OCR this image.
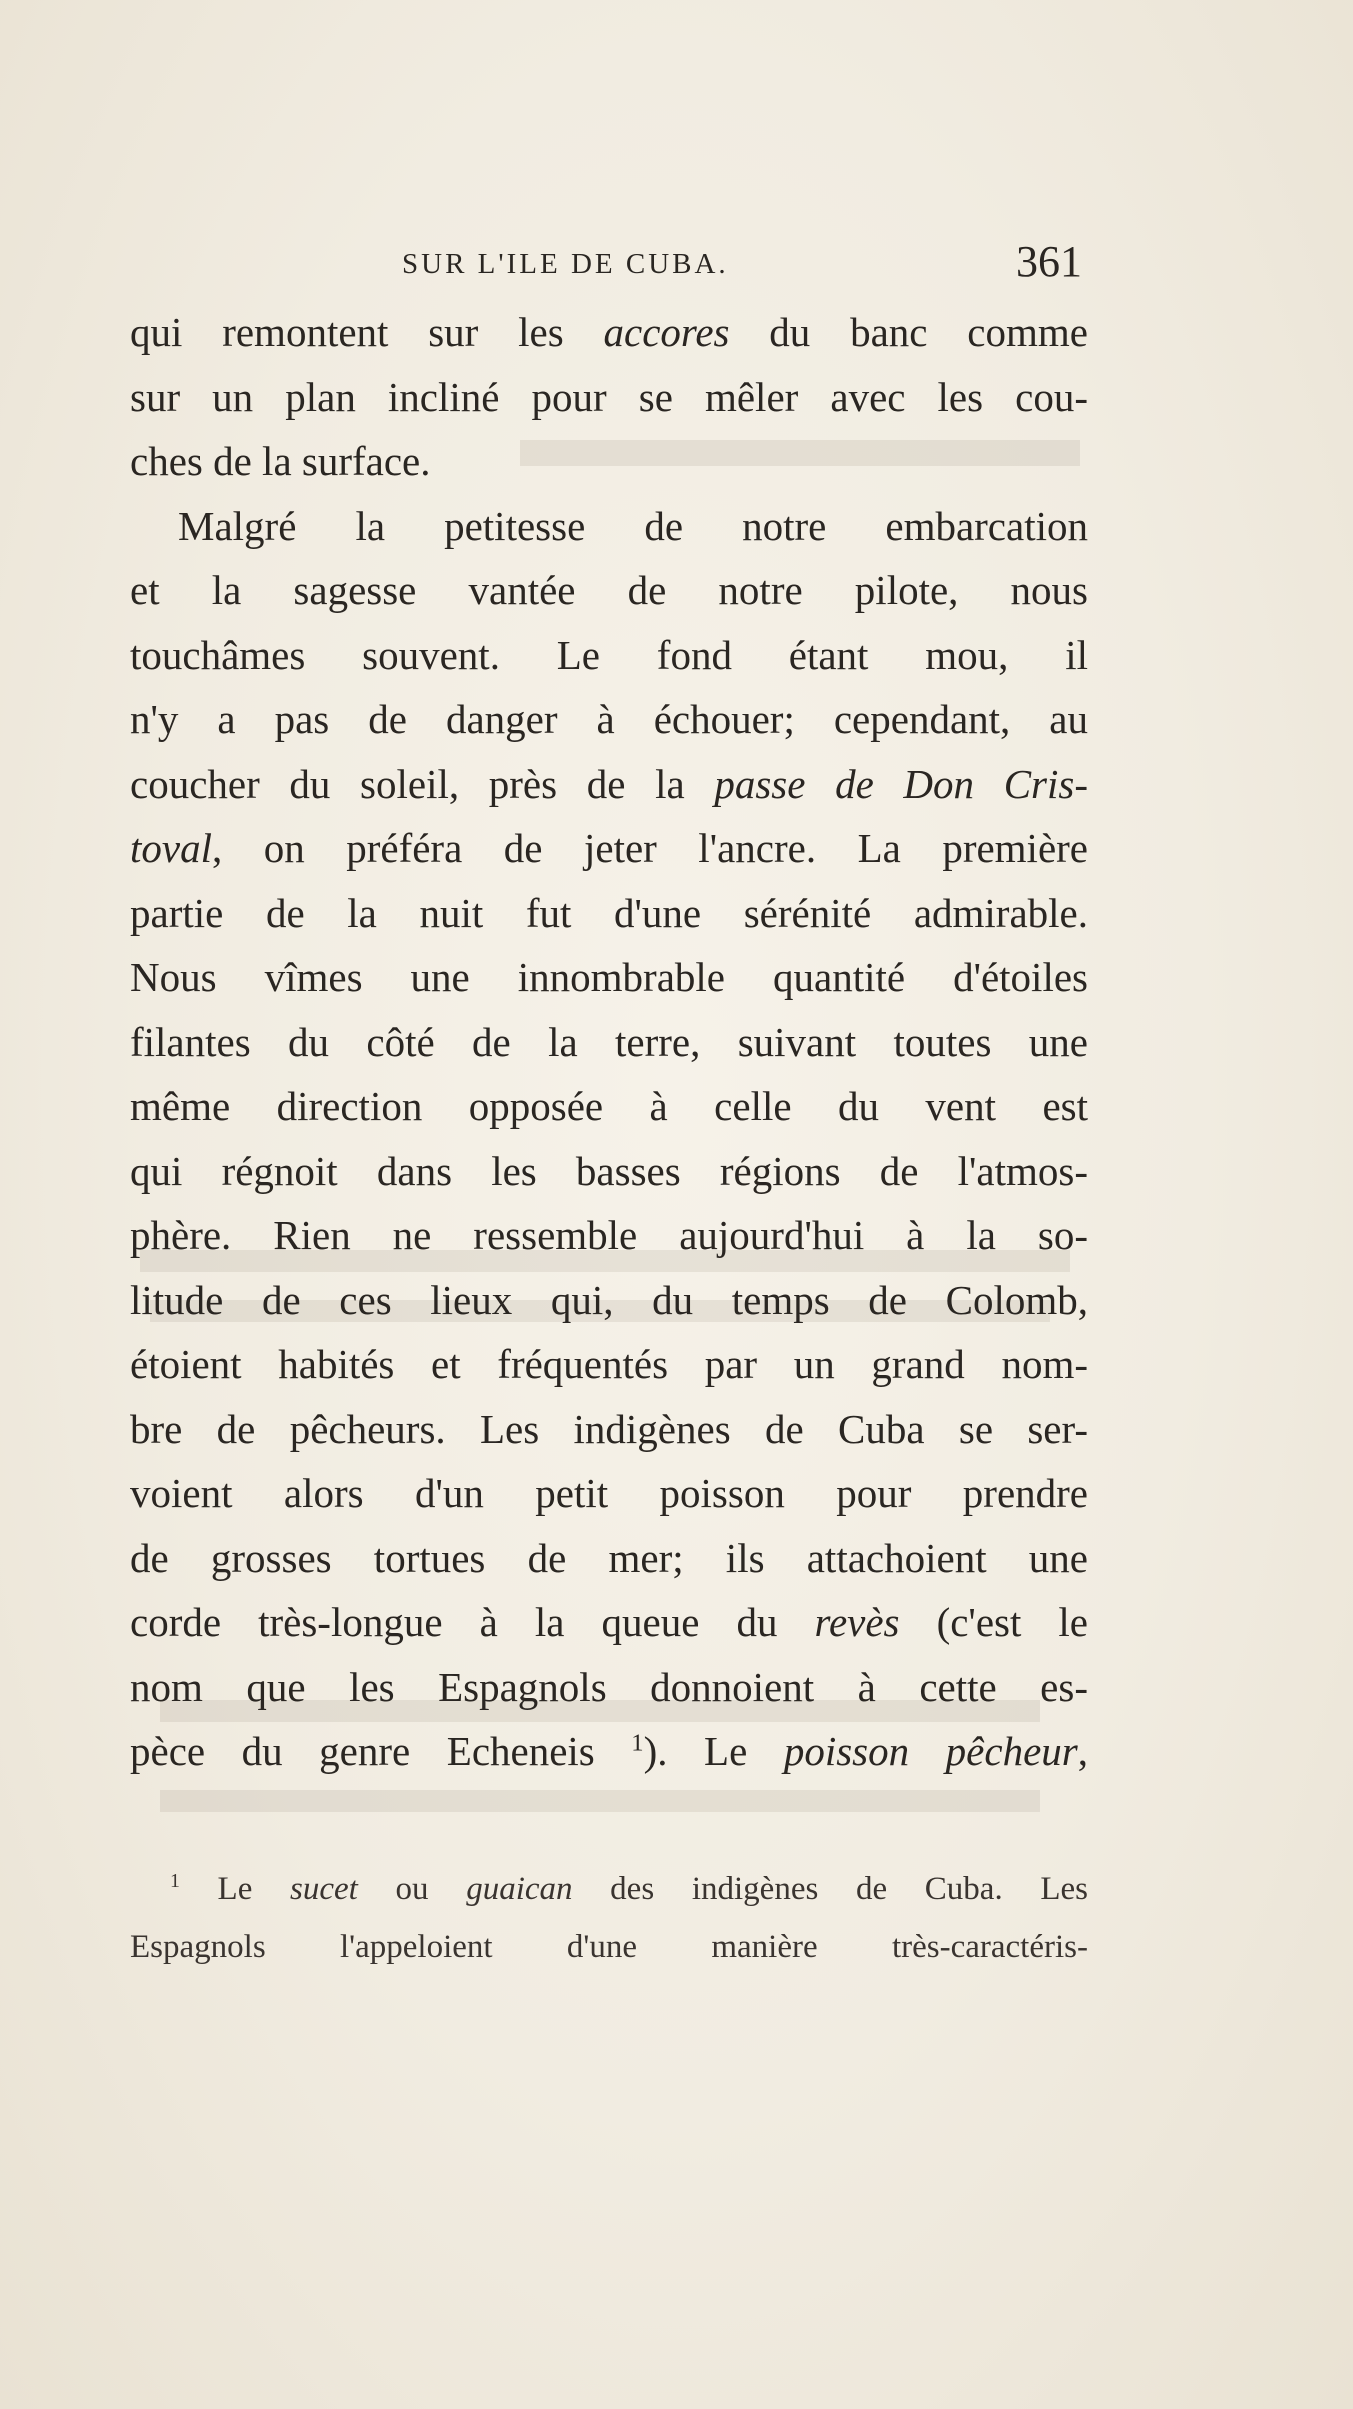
SUR L'ILE DE CUBA.	361
qui remontent sur les accores du banc comme
sur un plan incliné pour se mêler avec les cou-
ches de la surface.
Malgré la petitesse de notre embarcation
et la sagesse vantée de notre pilote, nous
touchâmes souvent. Le fond étant mou, il
n'y a pas de danger à échouer; cependant, au
coucher du soleil, près de la passe de Don Cris-
toval, on préféra de jeter l'ancre. La première
partie de la nuit fut d'une sérénité admirable.
Nous vîmes une innombrable quantité d'étoiles
filantes du côté de la terre, suivant toutes une
même direction opposée à celle du vent est
qui régnoit dans les basses régions de l'atmos-
phère. Rien ne ressemble aujourd'hui à la so-
litude de ces lieux qui, du temps de Colomb,
étoient habités et fréquentés par un grand nom-
bre de pêcheurs. Les indigènes de Cuba se ser-
voient alors d'un petit poisson pour prendre
de grosses tortues de mer; ils attachoient une
corde très-longue à la queue du revès (c'est le
nom que les Espagnols donnoient à cette es-
pèce du genre Echeneis $^1$). Le poisson pêcheur,
$^1$ Le sucet ou guaican des indigènes de Cuba. Les
Espagnols l'appeloient d'une manière très-caractéris-
